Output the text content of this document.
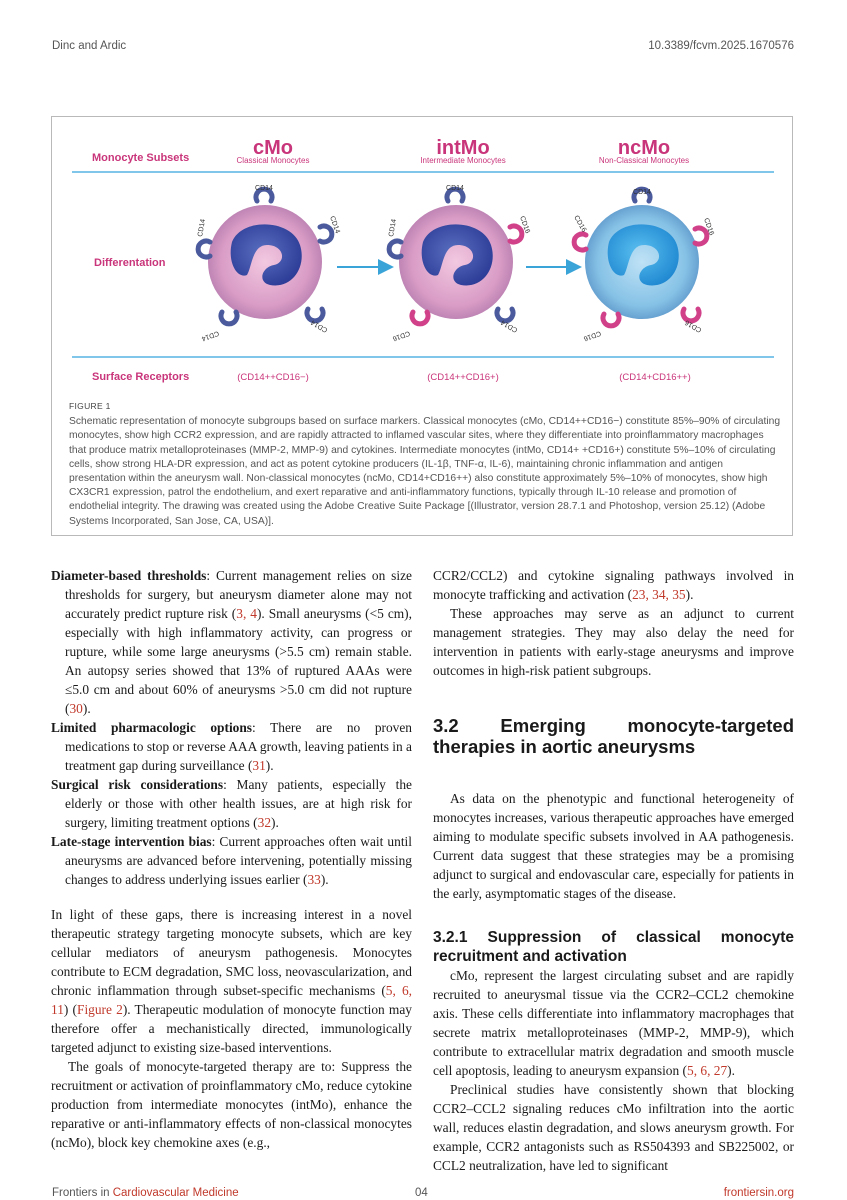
Dinc and Ardic	10.3389/fcvm.2025.1670576
cMo
Classical Monocytes
intMo
Intermediate Monocytes
ncMo
Non-Classical Monocytes
Monocyte Subsets
CD14
CD14	CD14
CD14
CD14
CD14
CD14	CD16
CD16
CD14
CD14
CD16	CD16
CD16
CD16
Differentation
Surface Receptors	(CD14++CD16−)	(CD14++CD16+)	(CD14+CD16++)
FIGURE 1
Schematic representation of monocyte subgroups based on surface markers. Classical monocytes (cMo, CD14++CD16−) constitute 85%–90% of circulating monocytes, show high CCR2 expression, and are rapidly attracted to inflamed vascular sites, where they differentiate into proinflammatory macrophages that produce matrix metalloproteinases (MMP-2, MMP-9) and cytokines. Intermediate monocytes (intMo, CD14+ +CD16+) constitute 5%–10% of circulating cells, show strong HLA-DR expression, and act as potent cytokine producers (IL-1β, TNF-α, IL-6), maintaining chronic inflammation and antigen presentation within the aneurysm wall. Non-classical monocytes (ncMo, CD14+CD16++) also constitute approximately 5%–10% of monocytes, show high CX3CR1 expression, patrol the endothelium, and exert reparative and anti-inflammatory functions, typically through IL-10 release and promotion of endothelial integrity. The drawing was created using the Adobe Creative Suite Package [(Illustrator, version 28.7.1 and Photoshop, version 25.12) (Adobe Systems Incorporated, San Jose, CA, USA)].

Diameter-based thresholds: Current management relies on size thresholds for surgery, but aneurysm diameter alone may not accurately predict rupture risk (3, 4). Small aneurysms (<5 cm), especially with high inflammatory activity, can progress or rupture, while some large aneurysms (>5.5 cm) remain stable. An autopsy series showed that 13% of ruptured AAAs were ≤5.0 cm and about 60% of aneurysms >5.0 cm did not rupture (30).

Limited pharmacologic options: There are no proven medications to stop or reverse AAA growth, leaving patients in a treatment gap during surveillance (31).

Surgical risk considerations: Many patients, especially the elderly or those with other health issues, are at high risk for surgery, limiting treatment options (32).

Late-stage intervention bias: Current approaches often wait until aneurysms are advanced before intervening, potentially missing changes to address underlying issues earlier (33).

In light of these gaps, there is increasing interest in a novel therapeutic strategy targeting monocyte subsets, which are key cellular mediators of aneurysm pathogenesis. Monocytes contribute to ECM degradation, SMC loss, neovascularization, and chronic inflammation through subset-specific mechanisms (5, 6, 11) (Figure 2). Therapeutic modulation of monocyte function may therefore offer a mechanistically directed, immunologically targeted adjunct to existing size-based interventions.

The goals of monocyte-targeted therapy are to: Suppress the recruitment or activation of proinflammatory cMo, reduce cytokine production from intermediate monocytes (intMo), enhance the reparative or anti-inflammatory effects of non-classical monocytes (ncMo), block key chemokine axes (e.g.,

CCR2/CCL2) and cytokine signaling pathways involved in monocyte trafficking and activation (23, 34, 35).

These approaches may serve as an adjunct to current management strategies. They may also delay the need for intervention in patients with early-stage aneurysms and improve outcomes in high-risk patient subgroups.

3.2 Emerging monocyte-targeted therapies in aortic aneurysms

As data on the phenotypic and functional heterogeneity of monocytes increases, various therapeutic approaches have emerged aiming to modulate specific subsets involved in AA pathogenesis. Current data suggest that these strategies may be a promising adjunct to surgical and endovascular care, especially for patients in the early, asymptomatic stages of the disease.

3.2.1 Suppression of classical monocyte recruitment and activation

cMo, represent the largest circulating subset and are rapidly recruited to aneurysmal tissue via the CCR2–CCL2 chemokine axis. These cells differentiate into inflammatory macrophages that secrete matrix metalloproteinases (MMP-2, MMP-9), which contribute to extracellular matrix degradation and smooth muscle cell apoptosis, leading to aneurysm expansion (5, 6, 27).

Preclinical studies have consistently shown that blocking CCR2–CCL2 signaling reduces cMo infiltration into the aortic wall, reduces elastin degradation, and slows aneurysm growth. For example, CCR2 antagonists such as RS504393 and SB225002, or CCL2 neutralization, have led to significant

Frontiers in Cardiovascular Medicine	04	frontiersin.org
